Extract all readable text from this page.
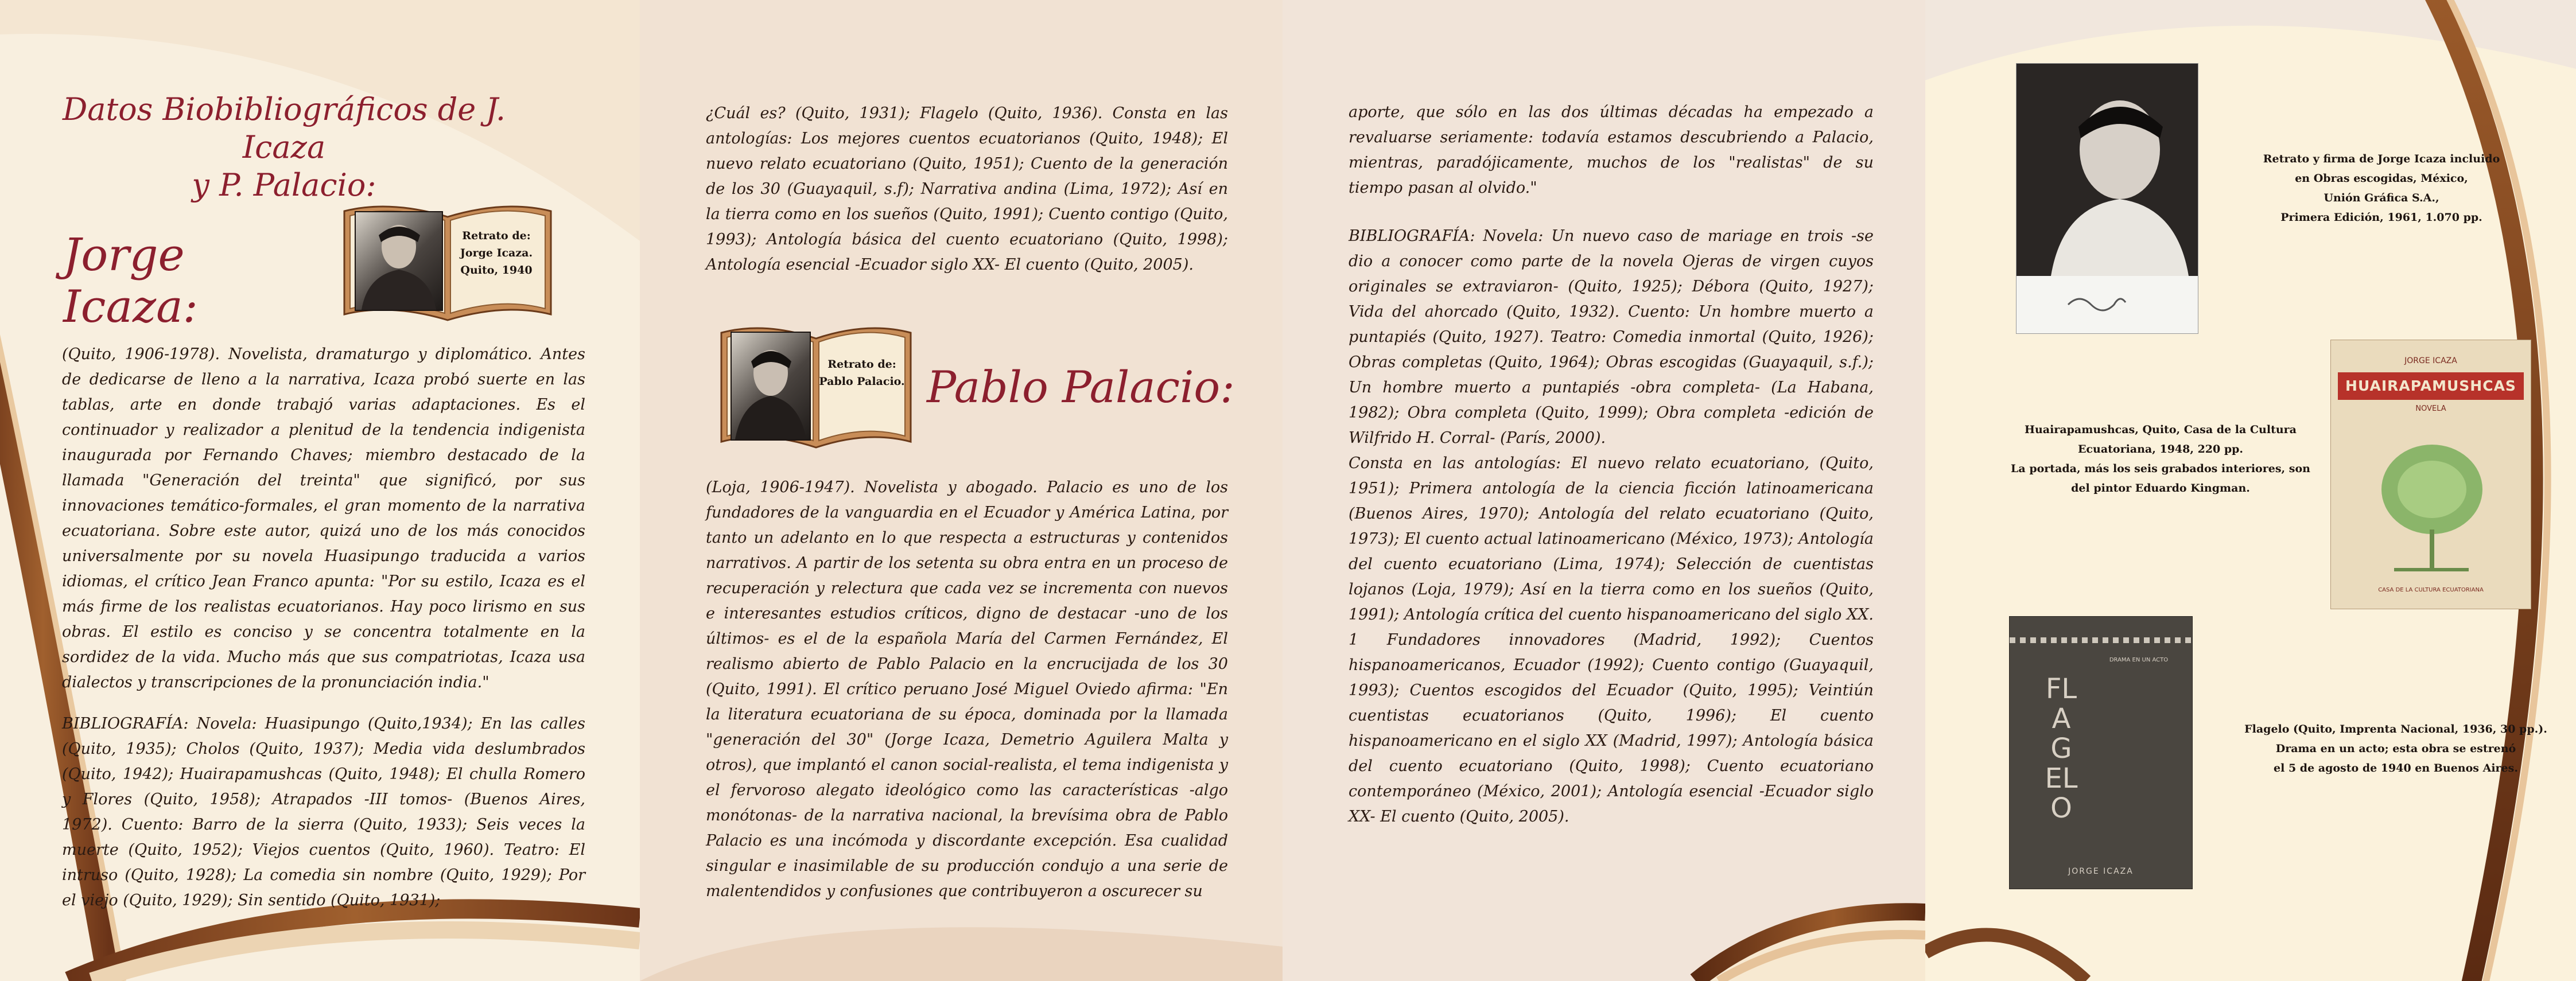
Datos Biobibliográficos de J. Icaza
y P. Palacio:
Jorge Icaza:
Retrato de:
Jorge Icaza.
Quito, 1940

(Quito, 1906-1978). Novelista, dramaturgo y diplomático. Antes de dedicarse de lleno a la narrativa, Icaza probó suerte en las tablas, arte en donde trabajó varias adaptaciones. Es el continuador y realizador a plenitud de la tendencia indigenista inaugurada por Fernando Chaves; miembro destacado de la llamada "Generación del treinta" que significó, por sus innovaciones temático-formales, el gran momento de la narrativa ecuatoriana. Sobre este autor, quizá uno de los más conocidos universalmente por su novela Huasipungo traducida a varios idiomas, el crítico Jean Franco apunta: "Por su estilo, Icaza es el más firme de los realistas ecuatorianos. Hay poco lirismo en sus obras. El estilo es conciso y se concentra totalmente en la sordidez de la vida. Mucho más que sus compatriotas, Icaza usa dialectos y transcripciones de la pronunciación india."

BIBLIOGRAFÍA: Novela: Huasipungo (Quito,1934); En las calles (Quito, 1935); Cholos (Quito, 1937); Media vida deslumbrados (Quito, 1942); Huairapamushcas (Quito, 1948); El chulla Romero y Flores (Quito, 1958); Atrapados -III tomos- (Buenos Aires, 1972). Cuento: Barro de la sierra (Quito, 1933); Seis veces la muerte (Quito, 1952); Viejos cuentos (Quito, 1960). Teatro: El intruso (Quito, 1928); La comedia sin nombre (Quito, 1929); Por el viejo (Quito, 1929); Sin sentido (Quito, 1931);

¿Cuál es? (Quito, 1931); Flagelo (Quito, 1936). Consta en las antologías: Los mejores cuentos ecuatorianos (Quito, 1948); El nuevo relato ecuatoriano (Quito, 1951); Cuento de la generación de los 30 (Guayaquil, s.f); Narrativa andina (Lima, 1972); Así en la tierra como en los sueños (Quito, 1991); Cuento contigo (Quito, 1993); Antología básica del cuento ecuatoriano (Quito, 1998); Antología esencial -Ecuador siglo XX- El cuento (Quito, 2005).

Retrato de:
Pablo Palacio. Pablo Palacio:

(Loja, 1906-1947). Novelista y abogado. Palacio es uno de los fundadores de la vanguardia en el Ecuador y América Latina, por tanto un adelanto en lo que respecta a estructuras y contenidos narrativos. A partir de los setenta su obra entra en un proceso de recuperación y relectura que cada vez se incrementa con nuevos e interesantes estudios críticos, digno de destacar -uno de los últimos- es el de la española María del Carmen Fernández, El realismo abierto de Pablo Palacio en la encrucijada de los 30 (Quito, 1991). El crítico peruano José Miguel Oviedo afirma: "En la literatura ecuatoriana de su época, dominada por la llamada "generación del 30" (Jorge Icaza, Demetrio Aguilera Malta y otros), que implantó el canon social-realista, el tema indigenista y el fervoroso alegato ideológico como las características -algo monótonas- de la narrativa nacional, la brevísima obra de Pablo Palacio es una incómoda y discordante excepción. Esa cualidad singular e inasimilable de su producción condujo a una serie de malentendidos y confusiones que contribuyeron a oscurecer su

aporte, que sólo en las dos últimas décadas ha empezado a revaluarse seriamente: todavía estamos descubriendo a Palacio, mientras, paradójicamente, muchos de los "realistas" de su tiempo pasan al olvido."

BIBLIOGRAFÍA: Novela: Un nuevo caso de mariage en trois -se dio a conocer como parte de la novela Ojeras de virgen cuyos originales se extraviaron- (Quito, 1925); Débora (Quito, 1927); Vida del ahorcado (Quito, 1932). Cuento: Un hombre muerto a puntapiés (Quito, 1927). Teatro: Comedia inmortal (Quito, 1926); Obras completas (Quito, 1964); Obras escogidas (Guayaquil, s.f.); Un hombre muerto a puntapiés -obra completa- (La Habana, 1982); Obra completa (Quito, 1999); Obra completa -edición de Wilfrido H. Corral- (París, 2000).

Consta en las antologías: El nuevo relato ecuatoriano, (Quito, 1951); Primera antología de la ciencia ficción latinoamericana (Buenos Aires, 1970); Antología del relato ecuatoriano (Quito, 1973); El cuento actual latinoamericano (México, 1973); Antología del cuento ecuatoriano (Lima, 1974); Selección de cuentistas lojanos (Loja, 1979); Así en la tierra como en los sueños (Quito, 1991); Antología crítica del cuento hispanoamericano del siglo XX. 1 Fundadores innovadores (Madrid, 1992); Cuentos hispanoamericanos, Ecuador (1992); Cuento contigo (Guayaquil, 1993); Cuentos escogidos del Ecuador (Quito, 1995); Veintiún cuentistas ecuatorianos (Quito, 1996); El cuento hispanoamericano en el siglo XX (Madrid, 1997); Antología básica del cuento ecuatoriano (Quito, 1998); Cuento ecuatoriano contemporáneo (México, 2001); Antología esencial -Ecuador siglo XX- El cuento (Quito, 2005).

Retrato y firma de Jorge Icaza incluido
en Obras escogidas, México,
Unión Gráfica S.A.,
Primera Edición, 1961, 1.070 pp.
JORGE ICAZA
HUAIRAPAMUSHCAS
NOVELA
CASA DE LA CULTURA ECUATORIANA
Huairapamushcas, Quito, Casa de la Cultura
Ecuatoriana, 1948, 220 pp.
La portada, más los seis grabados interiores, son
del pintor Eduardo Kingman.
DRAMA EN UN ACTO
FLAGELO
JORGE ICAZA
Flagelo (Quito, Imprenta Nacional, 1936, 30 pp.).
Drama en un acto; esta obra se estrenó
el 5 de agosto de 1940 en Buenos Aires.
